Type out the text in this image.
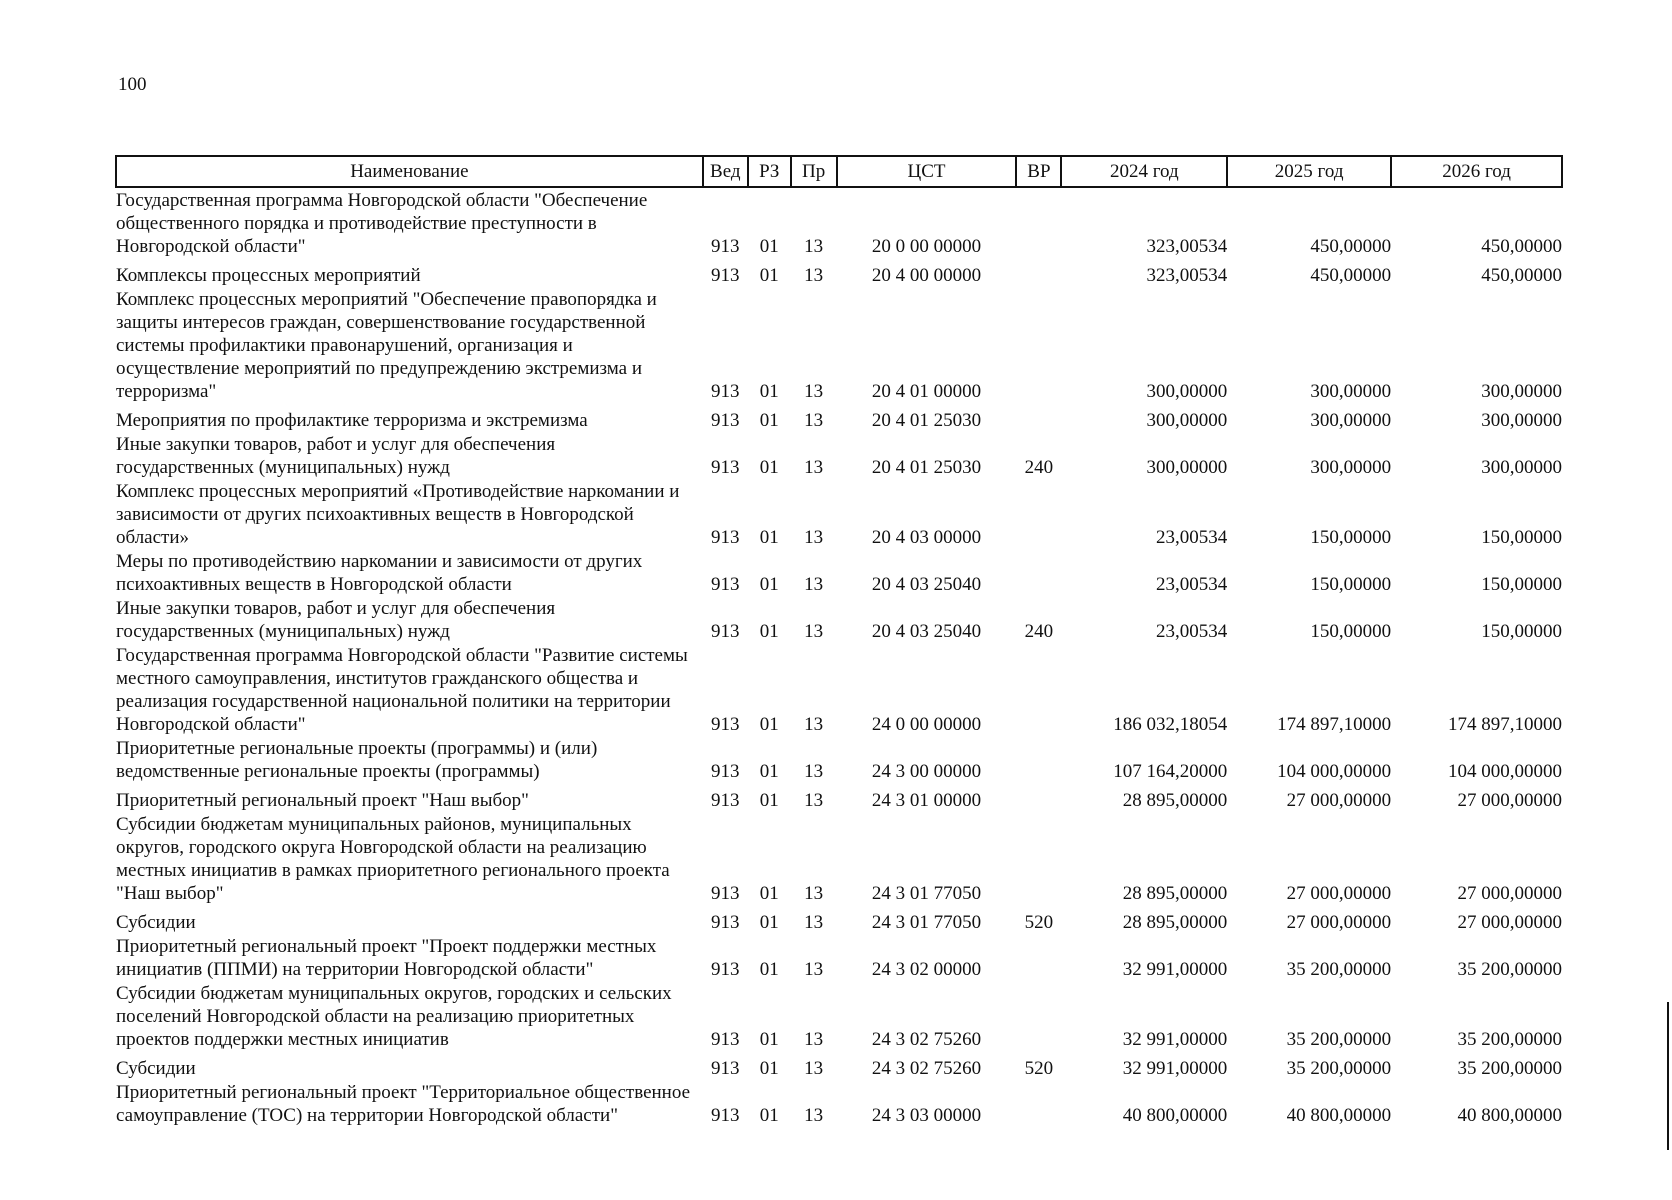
100
Наименование	Вед	РЗ	Пр	ЦСТ	ВР	2024 год	2025 год	2026 год
Государственная программа Новгородской области "Обеспечение общественного порядка и противодействие преступности в Новгородской области"	913	01	13	20 0 00 00000		323,00534	450,00000	450,00000
Комплексы процессных мероприятий	913	01	13	20 4 00 00000		323,00534	450,00000	450,00000
Комплекс процессных мероприятий "Обеспечение правопорядка и защиты интересов граждан, совершенствование государственной системы профилактики правонарушений, организация и осуществление мероприятий по предупреждению экстремизма и терроризма"	913	01	13	20 4 01 00000		300,00000	300,00000	300,00000
Мероприятия по профилактике терроризма и экстремизма	913	01	13	20 4 01 25030		300,00000	300,00000	300,00000
Иные закупки товаров, работ и услуг для обеспечения государственных (муниципальных) нужд	913	01	13	20 4 01 25030	240	300,00000	300,00000	300,00000
Комплекс процессных мероприятий «Противодействие наркомании и зависимости от других психоактивных веществ в Новгородской области»	913	01	13	20 4 03 00000		23,00534	150,00000	150,00000
Меры по противодействию наркомании и зависимости от других психоактивных веществ в Новгородской области	913	01	13	20 4 03 25040		23,00534	150,00000	150,00000
Иные закупки товаров, работ и услуг для обеспечения государственных (муниципальных) нужд	913	01	13	20 4 03 25040	240	23,00534	150,00000	150,00000
Государственная программа Новгородской области "Развитие системы местного самоуправления, институтов гражданского общества и реализация государственной национальной политики на территории Новгородской области"	913	01	13	24 0 00 00000		186 032,18054	174 897,10000	174 897,10000
Приоритетные региональные проекты (программы) и (или) ведомственные региональные проекты (программы)	913	01	13	24 3 00 00000		107 164,20000	104 000,00000	104 000,00000
Приоритетный региональный проект "Наш выбор"	913	01	13	24 3 01 00000		28 895,00000	27 000,00000	27 000,00000
Субсидии бюджетам муниципальных районов, муниципальных округов, городского округа Новгородской области на реализацию местных инициатив в рамках приоритетного регионального проекта "Наш выбор"	913	01	13	24 3 01 77050		28 895,00000	27 000,00000	27 000,00000
Субсидии	913	01	13	24 3 01 77050	520	28 895,00000	27 000,00000	27 000,00000
Приоритетный региональный проект "Проект поддержки местных инициатив (ППМИ) на территории Новгородской области"	913	01	13	24 3 02 00000		32 991,00000	35 200,00000	35 200,00000
Субсидии бюджетам муниципальных округов, городских и сельских поселений Новгородской области на реализацию приоритетных проектов поддержки местных инициатив	913	01	13	24 3 02 75260		32 991,00000	35 200,00000	35 200,00000
Субсидии	913	01	13	24 3 02 75260	520	32 991,00000	35 200,00000	35 200,00000
Приоритетный региональный проект "Территориальное общественное самоуправление (ТОС) на территории Новгородской области"	913	01	13	24 3 03 00000		40 800,00000	40 800,00000	40 800,00000
